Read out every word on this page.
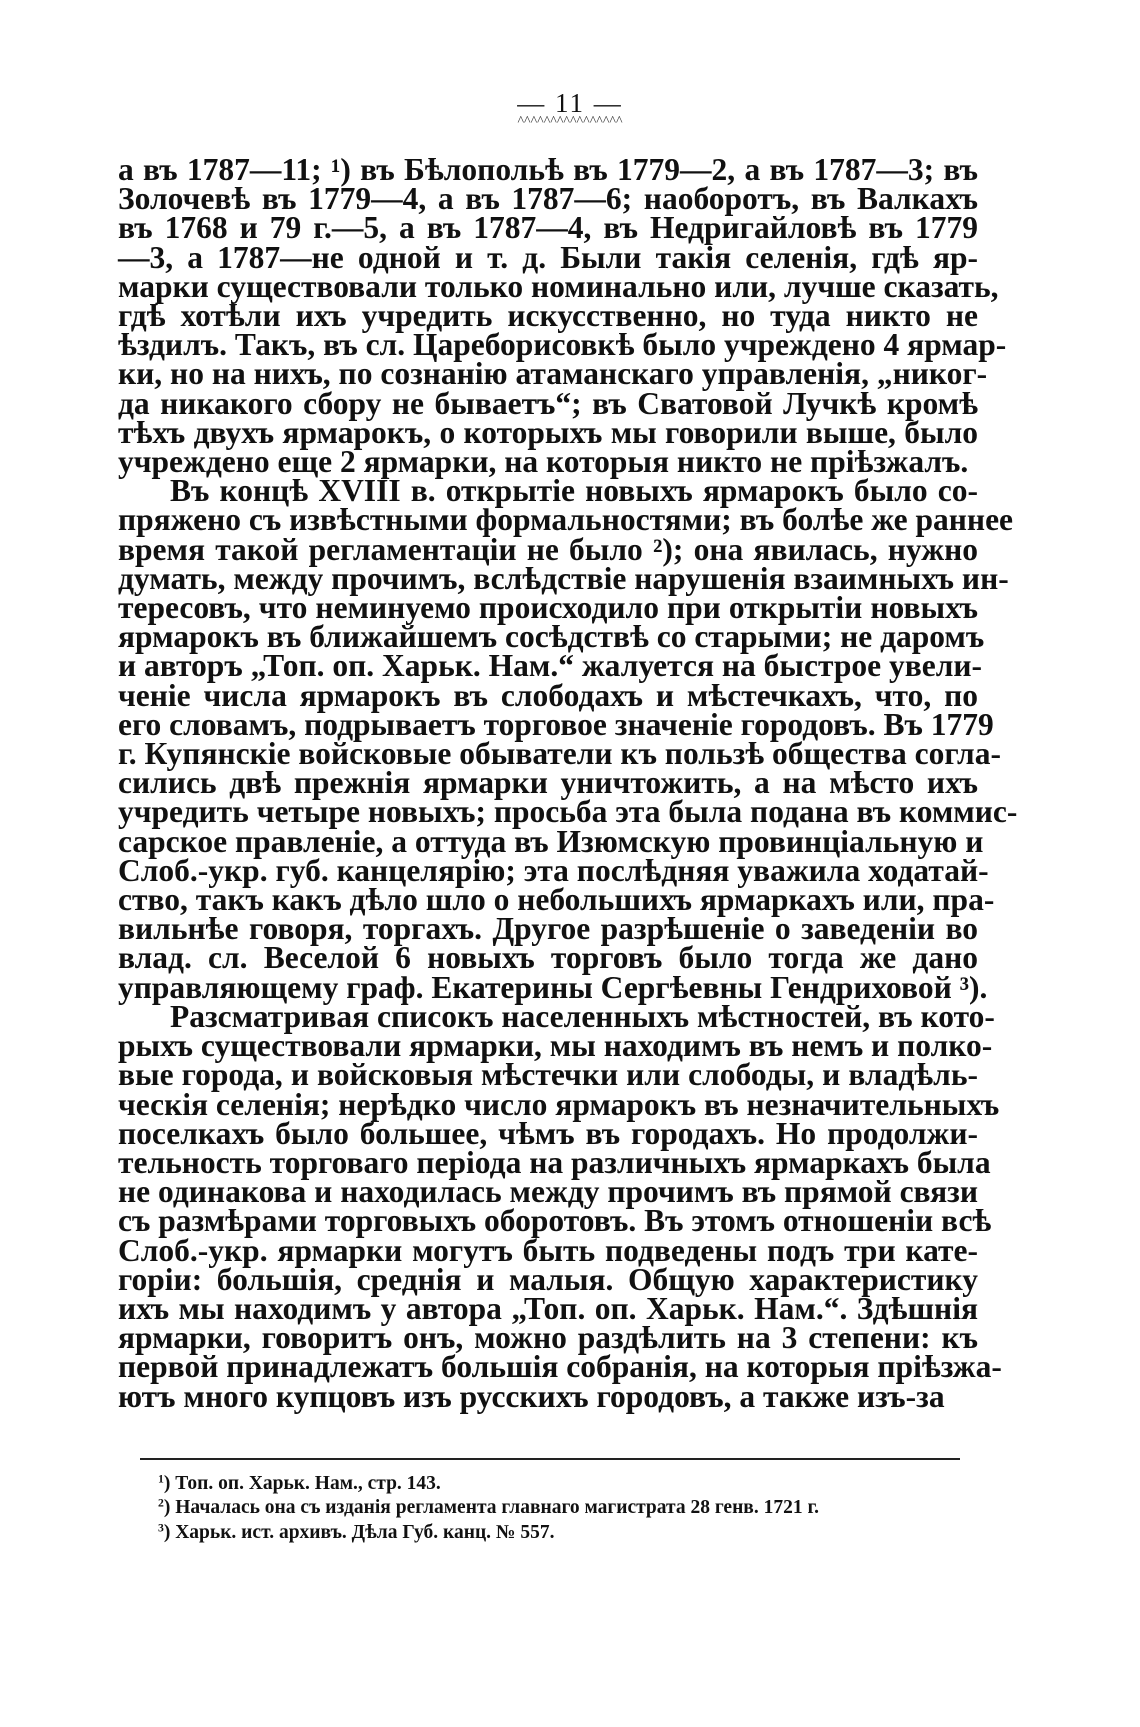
— 11 —
^^^^^^^^^^^^^^^^
а въ 1787—11; ¹) въ Бѣлопольѣ въ 1779—2, а въ 1787—3; въ
Золочевѣ въ 1779—4, а въ 1787—6; наоборотъ, въ Валкахъ
въ 1768 и 79 г.—5, а въ 1787—4, въ Недригайловѣ въ 1779
—3, а 1787—не одной и т. д. Были такія селенія, гдѣ яр-
марки существовали только номинально или, лучше сказать,
гдѣ хотѣли ихъ учредить искусственно, но туда никто не
ѣздилъ. Такъ, въ сл. Царeборисовкѣ было учреждено 4 ярмар-
ки, но на нихъ, по сознанію атаманскаго управленія, „никог-
да никакого сбору не бываетъ“; въ Сватовой Лучкѣ кромѣ
тѣхъ двухъ ярмарокъ, о которыхъ мы говорили выше, было
учреждено еще 2 ярмарки, на которыя никто не пріѣзжалъ.
Въ концѣ XVIII в. открытіе новыхъ ярмарокъ было со-
пряжено съ извѣстными формальностями; въ болѣе же раннее
время такой регламентаціи не было ²); она явилась, нужно
думать, между прочимъ, вслѣдствіе нарушенія взаимныхъ ин-
тересовъ, что неминуемо происходило при открытіи новыхъ
ярмарокъ въ ближайшемъ сосѣдствѣ со старыми; не даромъ
и авторъ „Топ. оп. Харьк. Нам.“ жалуется на быстрое увели-
ченіе числа ярмарокъ въ слободахъ и мѣстечкахъ, что, по
его словамъ, подрываетъ торговое значеніе городовъ. Въ 1779
г. Купянскіе войсковые обыватели къ пользѣ общества согла-
сились двѣ прежнія ярмарки уничтожить, а на мѣсто ихъ
учредить четыре новыхъ; просьба эта была подана въ коммис-
сарское правленіе, а оттуда въ Изюмскую провинціальную и
Слоб.-укр. губ. канцелярію; эта послѣдняя уважила ходатай-
ство, такъ какъ дѣло шло о небольшихъ ярмаркахъ или, пра-
вильнѣе говоря, торгахъ. Другое разрѣшеніе о заведеніи во
влад. сл. Веселой 6 новыхъ торговъ было тогда же дано
управляющему граф. Екатерины Сергѣевны Гендриховой ³).
Разсматривая списокъ населенныхъ мѣстностей, въ кото-
рыхъ существовали ярмарки, мы находимъ въ немъ и полко-
вые города, и войсковыя мѣстечки или слободы, и владѣль-
ческія селенія; нерѣдко число ярмарокъ въ незначительныхъ
поселкахъ было большее, чѣмъ въ городахъ. Но продолжи-
тельность торговаго періода на различныхъ ярмаркахъ была
не одинакова и находилась между прочимъ въ прямой связи
съ размѣрами торговыхъ оборотовъ. Въ этомъ отношеніи всѣ
Слоб.-укр. ярмарки могутъ быть подведены подъ три кате-
горіи: большія, среднія и малыя. Общую характеристику
ихъ мы находимъ у автора „Топ. оп. Харьк. Нам.“. Здѣшнія
ярмарки, говоритъ онъ, можно раздѣлить на 3 степени: къ
первой принадлежатъ большія собранія, на которыя пріѣзжа-
ютъ много купцовъ изъ русскихъ городовъ, а также изъ-за
$^1$) Топ. оп. Харьк. Нам., стр. 143.
$^2$) Началась она съ изданія регламента главнаго магистрата 28 генв. 1721 г.
$^3$) Харьк. ист. архивъ. Дѣла Губ. канц. № 557.
